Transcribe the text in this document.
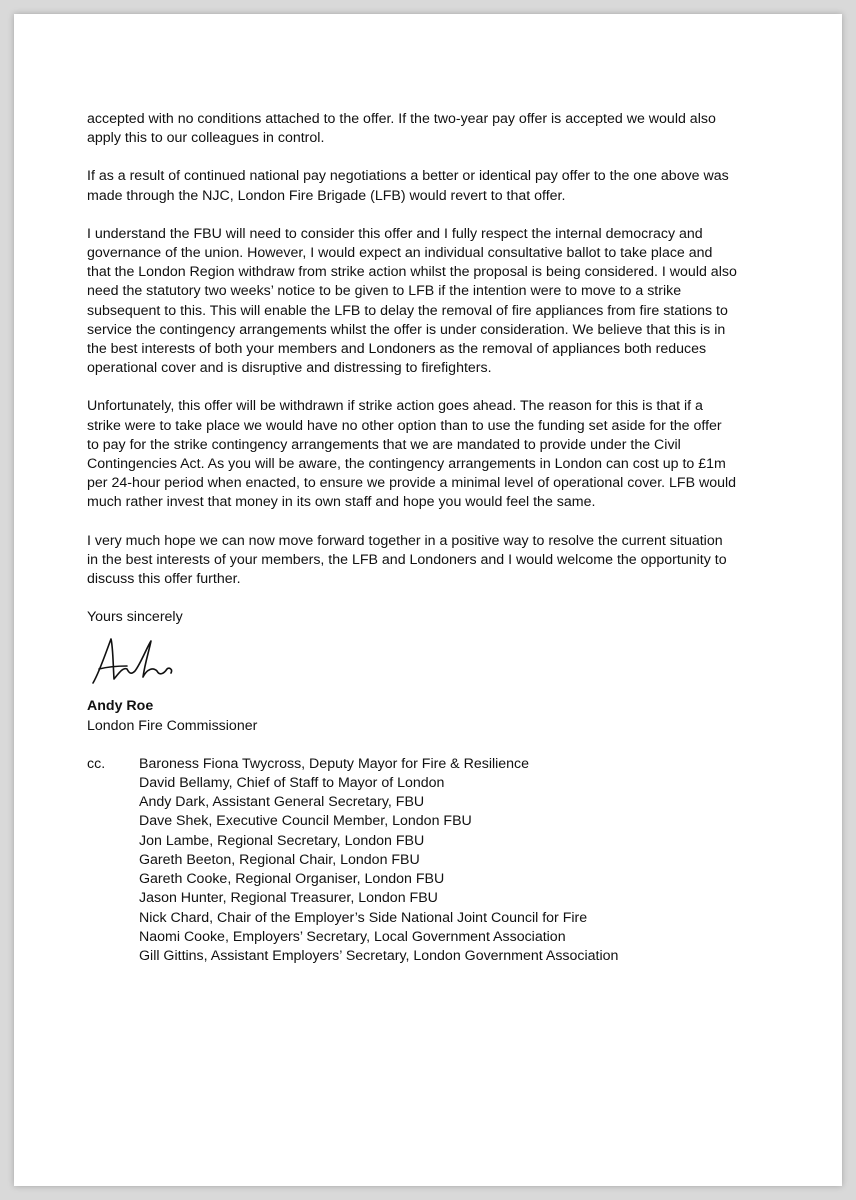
accepted with no conditions attached to the offer. If the two-year pay offer is accepted we would also apply this to our colleagues in control.

If as a result of continued national pay negotiations a better or identical pay offer to the one above was made through the NJC, London Fire Brigade (LFB) would revert to that offer.

I understand the FBU will need to consider this offer and I fully respect the internal democracy and governance of the union. However, I would expect an individual consultative ballot to take place and that the London Region withdraw from strike action whilst the proposal is being considered. I would also need the statutory two weeks’ notice to be given to LFB if the intention were to move to a strike subsequent to this. This will enable the LFB to delay the removal of fire appliances from fire stations to service the contingency arrangements whilst the offer is under consideration. We believe that this is in the best interests of both your members and Londoners as the removal of appliances both reduces operational cover and is disruptive and distressing to firefighters.

Unfortunately, this offer will be withdrawn if strike action goes ahead. The reason for this is that if a strike were to take place we would have no other option than to use the funding set aside for the offer to pay for the strike contingency arrangements that we are mandated to provide under the Civil Contingencies Act. As you will be aware, the contingency arrangements in London can cost up to £1m per 24-hour period when enacted, to ensure we provide a minimal level of operational cover. LFB would much rather invest that money in its own staff and hope you would feel the same.

I very much hope we can now move forward together in a positive way to resolve the current situation in the best interests of your members, the LFB and Londoners and I would welcome the opportunity to discuss this offer further.

Yours sincerely

Andy Roe

London Fire Commissioner

cc.	Baroness Fiona Twycross, Deputy Mayor for Fire & Resilience
David Bellamy, Chief of Staff to Mayor of London
Andy Dark, Assistant General Secretary, FBU
Dave Shek, Executive Council Member, London FBU
Jon Lambe, Regional Secretary, London FBU
Gareth Beeton, Regional Chair, London FBU
Gareth Cooke, Regional Organiser, London FBU
Jason Hunter, Regional Treasurer, London FBU
Nick Chard, Chair of the Employer’s Side National Joint Council for Fire
Naomi Cooke, Employers’ Secretary, Local Government Association
Gill Gittins, Assistant Employers’ Secretary, London Government Association
